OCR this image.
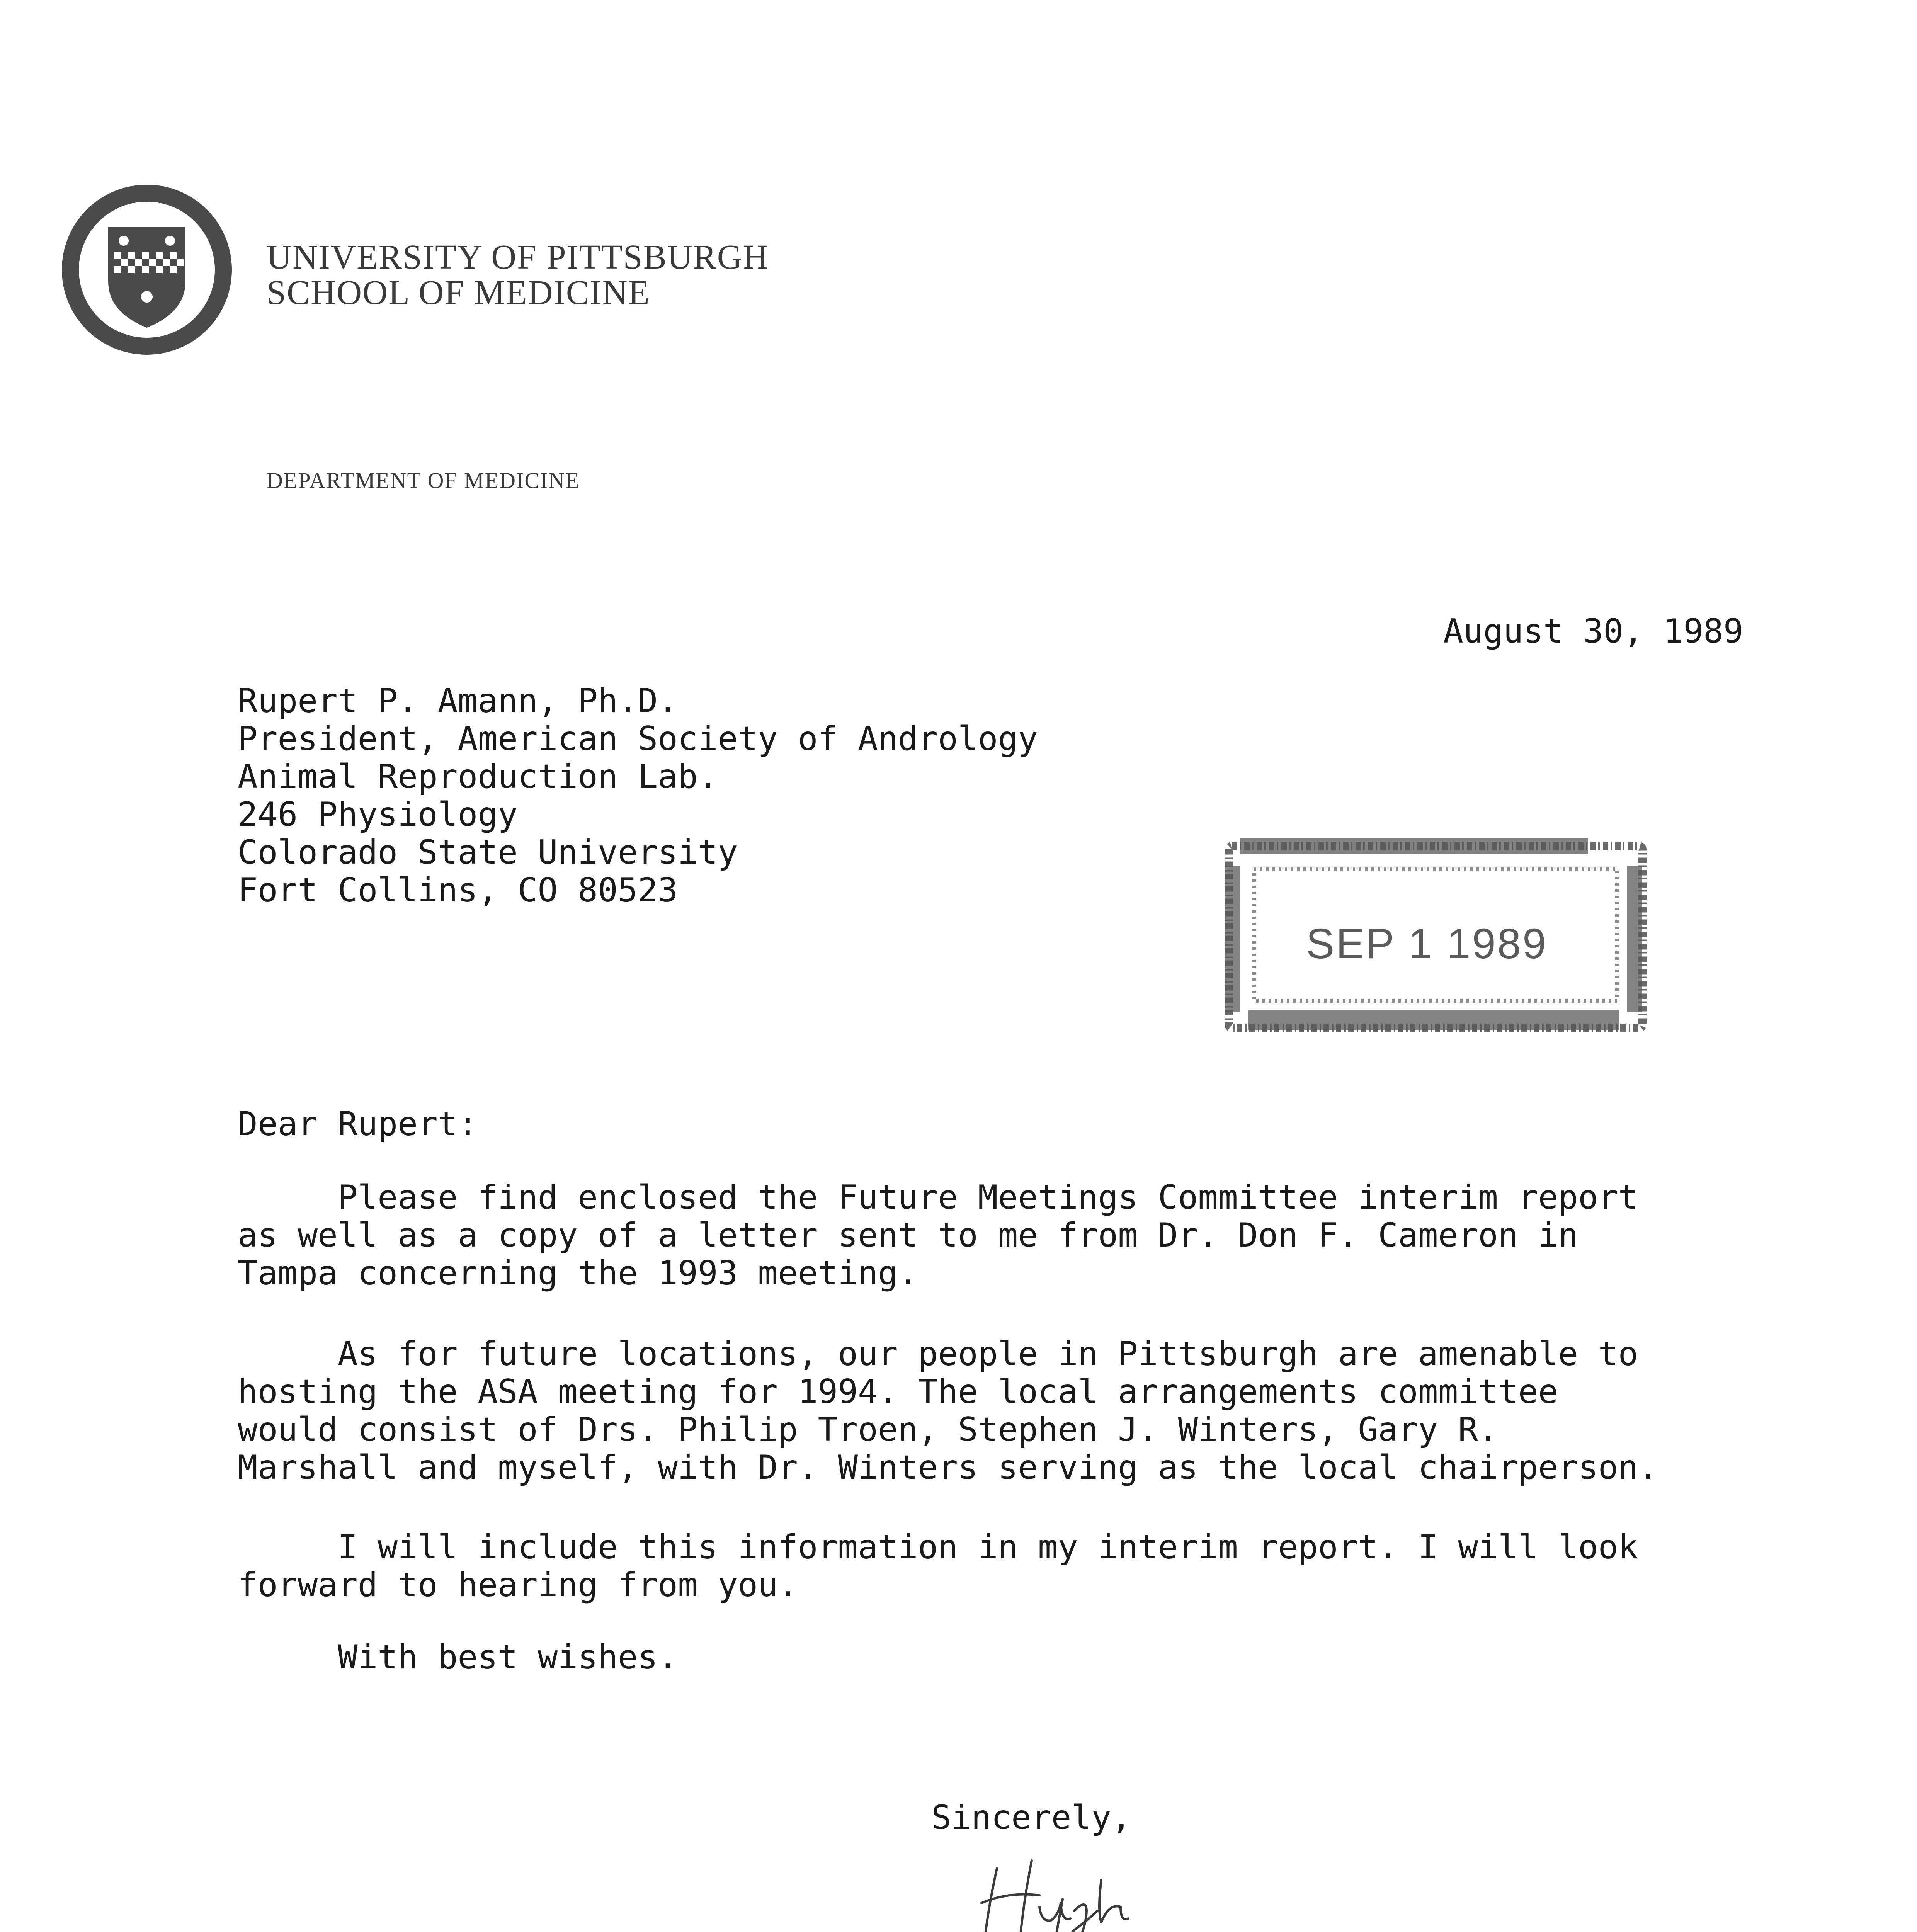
UNIVERSITY OF PITTSBURGH
SCHOOL OF MEDICINE
DEPARTMENT OF MEDICINE
August 30, 1989
Rupert P. Amann, Ph.D.
President, American Society of Andrology
Animal Reproduction Lab.
246 Physiology
Colorado State University
Fort Collins, CO 80523
SEP 1 1989
Dear Rupert:
Please find enclosed the Future Meetings Committee interim report
as well as a copy of a letter sent to me from Dr. Don F. Cameron in
Tampa concerning the 1993 meeting.
As for future locations, our people in Pittsburgh are amenable to
hosting the ASA meeting for 1994. The local arrangements committee
would consist of Drs. Philip Troen, Stephen J. Winters, Gary R.
Marshall and myself, with Dr. Winters serving as the local chairperson.
I will include this information in my interim report. I will look
forward to hearing from you.
With best wishes.
Sincerely,
